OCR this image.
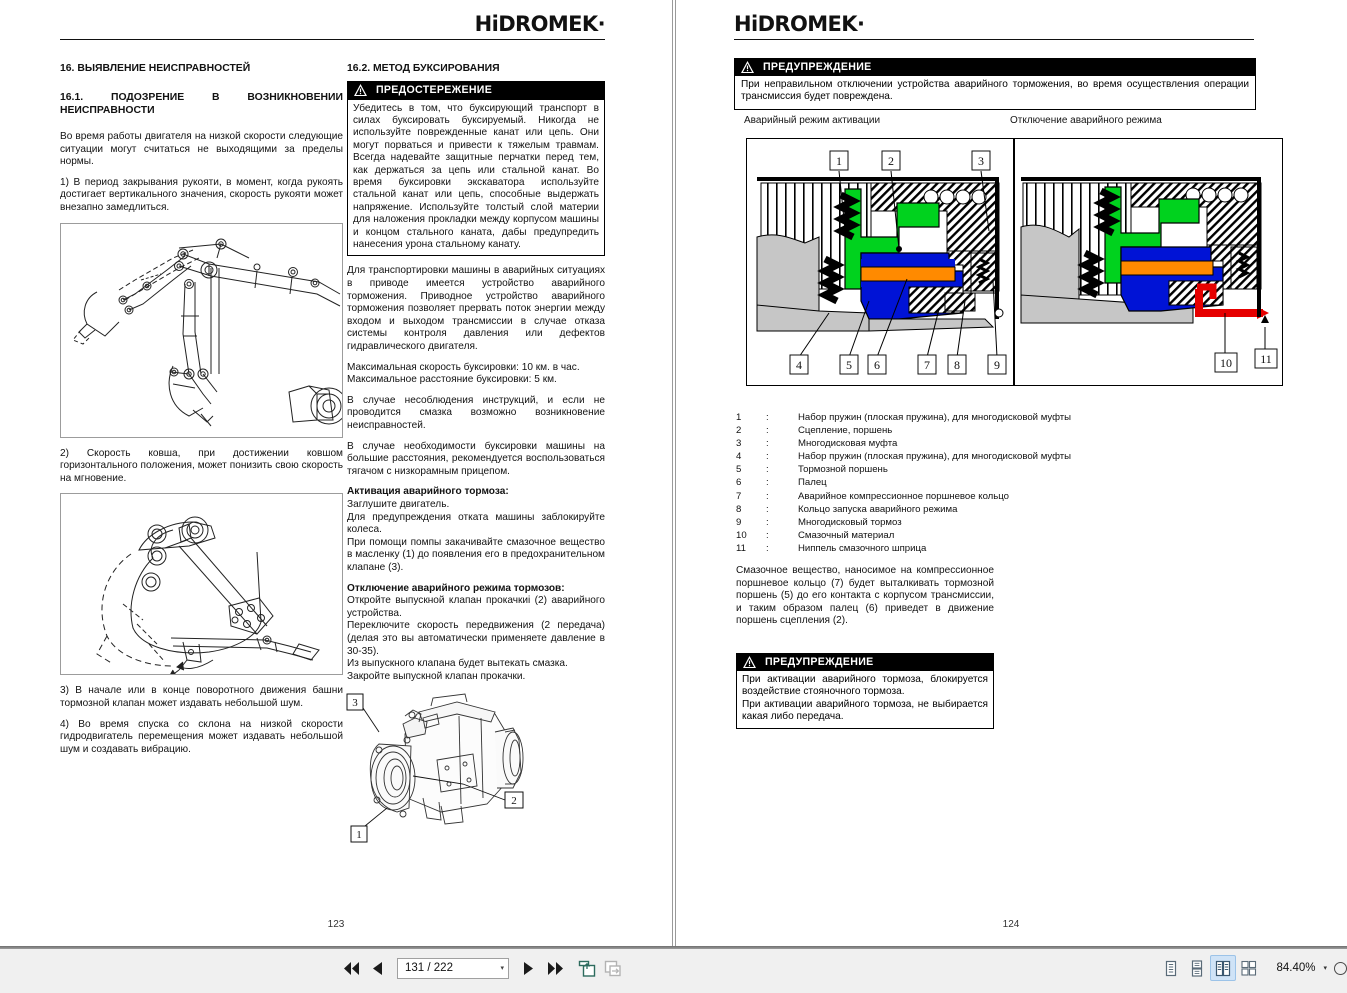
HiDROMEK ·
16. ВЫЯВЛЕНИЕ НЕИСПРАВНОСТЕЙ
16.1. ПОДОЗРЕНИЕ В ВОЗНИКНОВЕНИИ НЕИСПРАВНОСТИ

Во время работы двигателя на низкой скорости следующие ситуации могут считаться не выходящими за пределы нормы.

1) В период закрывания рукояти, в момент, когда рукоять достигает вертикального значения, скорость рукояти может внезапно замедлиться.

2) Скорость ковша, при достижении ковшом горизонтального положения, может понизить свою скорость на мгновение.

3) В начале или в конце поворотного движения башни тормозной клапан может издавать небольшой шум.

4) Во время спуска со склона на низкой скорости гидродвигатель перемещения может издавать небольшой шум и создавать вибрацию.

16.2. МЕТОД БУКСИРОВАНИЯ
ПРЕДОСТЕРЕЖЕНИЕ
Убедитесь в том, что буксирующий транспорт в силах буксировать буксируемый. Никогда не используйте поврежденные канат или цепь. Они могут порваться и привести к тяжелым травмам. Всегда надевайте защитные перчатки перед тем, как держаться за цепь или стальной канат. Во время буксировки экскаватора используйте стальной канат или цепь, способные выдержать напряжение. Используйте толстый слой материи для наложения прокладки между корпусом машины и концом стального каната, дабы предупредить нанесения урона стальному канату.

Для транспортировки машины в аварийных ситуациях в приводе имеется устройство аварийного торможения. Приводное устройство аварийного торможения позволяет прервать поток энергии между входом и выходом трансмиссии в случае отказа системы контроля давления или дефектов гидравлического двигателя.

Максимальная скорость буксировки: 10 км. в час.

Максимальное расстояние буксировки: 5 км.

В случае несоблюдения инструкций, и если не проводится смазка возможно возникновение неисправностей.

В случае необходимости буксировки машины на большие расстояния, рекомендуется воспользоваться тягачом с низкорамным прицепом.

Активация аварийного тормоза:

Заглушите двигатель.

Для предупреждения отката машины заблокируйте колеса.

При помощи помпы закачивайте смазочное вещество в масленку (1) до появления его в предохранительном клапане (3).

Отключение аварийного режима тормозов:

Откройте выпускной клапан прокачкиi (2) аварийного устройства.

Переключите скорость передвижения (2 передача) (делая это вы автоматически применяете давление в 30-35).

Из выпускного клапана будет вытекать смазка.

Закройте выпускной клапан прокачки.

3
2
1
123
HiDROMEK·
ПРЕДУПРЕЖДЕНИЕ
При неправильном отключении устройства аварийного торможения, во время осуществления операции трансмиссия будет повреждена.
Аварийный режим активации	Отключение аварийного режима
1	2	3
4	5 6	7 8	9	10 11
1	:	Набор пружин (плоская пружина), для многодисковой муфты
2	:	Сцепление, поршень
3	:	Многодисковая муфта
4	:	Набор пружин (плоская пружина), для многодисковой муфты
5	:	Тормозной поршень
6	:	Палец
7	:	Аварийное компрессионное поршневое кольцо
8	:	Кольцо запуска аварийного режима
9	:	Многодисковый тормоз
10	:	Смазочный материал
11	:	Ниппель смазочного шприца

Смазочное вещество, наносимое на компрессионное поршневое кольцо (7) будет выталкивать тормозной поршень (5) до его контакта с корпусом трансмиссии, и таким образом палец (6) приведет в движение поршень сцепления (2).

ПРЕДУПРЕЖДЕНИЕ

При активации аварийного тормоза, блокируется воздействие стояночного тормоза.

При активации аварийного тормоза, не выбирается какая либо передача.

124
131 / 222	▾	84.40% ▾
